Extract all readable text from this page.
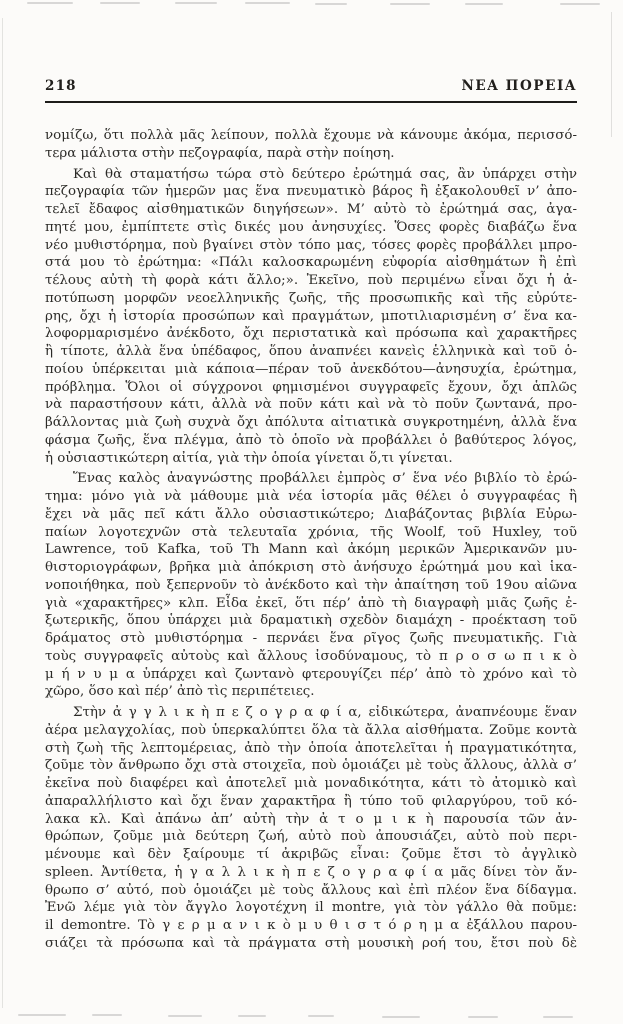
218	ΝΕΑ ΠΟΡΕΙΑ
νομίζω, ὅτι πολλὰ μᾶς λείπουν, πολλὰ ἔχουμε νὰ κάνουμε ἀκόμα, περισσό-
τερα μάλιστα στὴν πεζογραφία, παρὰ στὴν ποίηση.
Καὶ θὰ σταματήσω τώρα στὸ δεύτερο ἐρώτημά σας, ἂν ὑπάρχει στὴν
πεζογραφία τῶν ἡμερῶν μας ἕνα πνευματικὸ βάρος ἢ ἐξακολουθεῖ ν’ ἀπο-
τελεῖ ἔδαφος αἰσθηματικῶν διηγήσεων». Μ’ αὐτὸ τὸ ἐρώτημά σας, ἀγα-
πητέ μου, ἐμπίπτετε στὶς δικές μου ἀνησυχίες. Ὅσες φορὲς διαβάζω ἕνα
νέο μυθιστόρημα, ποὺ βγαίνει στὸν τόπο μας, τόσες φορὲς προβάλλει μπρο-
στά μου τὸ ἐρώτημα: «Πάλι καλοσκαρωμένη εὐφορία αἰσθημάτων ἢ ἐπὶ
τέλους αὐτὴ τὴ φορὰ κάτι ἄλλο;». Ἐκεῖνο, ποὺ περιμένω εἶναι ὄχι ἡ ἀ-
ποτύπωση μορφῶν νεοελληνικῆς ζωῆς, τῆς προσωπικῆς καὶ τῆς εὐρύτε-
ρης, ὄχι ἡ ἱστορία προσώπων καὶ πραγμάτων, μποτιλιαρισμένη σ’ ἕνα κα-
λοφορμαρισμένο ἀνέκδοτο, ὄχι περιστατικὰ καὶ πρόσωπα καὶ χαρακτῆρες
ἢ τίποτε, ἀλλὰ ἕνα ὑπέδαφος, ὅπου ἀναπνέει κανεὶς ἑλληνικὰ καὶ τοῦ ὁ-
ποίου ὑπέρκειται μιὰ κάποια—πέραν τοῦ ἀνεκδότου—ἀνησυχία, ἐρώτημα,
πρόβλημα. Ὅλοι οἱ σύγχρονοι φημισμένοι συγγραφεῖς ἔχουν, ὄχι ἁπλῶς
νὰ παραστήσουν κάτι, ἀλλὰ νὰ ποῦν κάτι καὶ νὰ τὸ ποῦν ζωντανά, προ-
βάλλοντας μιὰ ζωὴ συχνὰ ὄχι ἀπόλυτα αἰτιατικὰ συγκροτημένη, ἀλλὰ ἕνα
φάσμα ζωῆς, ἕνα πλέγμα, ἀπὸ τὸ ὁποῖο νὰ προβάλλει ὁ βαθύτερος λόγος,
ἡ οὐσιαστικώτερη αἰτία, γιὰ τὴν ὁποία γίνεται ὅ,τι γίνεται.
Ἕνας καλὸς ἀναγνώστης προβάλλει ἐμπρὸς σ’ ἕνα νέο βιβλίο τὸ ἐρώ-
τημα: μόνο γιὰ νὰ μάθουμε μιὰ νέα ἱστορία μᾶς θέλει ὁ συγγραφέας ἢ
ἔχει νὰ μᾶς πεῖ κάτι ἄλλο οὐσιαστικώτερο; Διαβάζοντας βιβλία Εὐρω-
παίων λογοτεχνῶν στὰ τελευταῖα χρόνια, τῆς Woolf, τοῦ Huxley, τοῦ
Lawrence, τοῦ Kafka, τοῦ Th Mann καὶ ἀκόμη μερικῶν Ἀμερικανῶν μυ-
θιστοριογράφων, βρῆκα μιὰ ἀπόκριση στὸ ἀνήσυχο ἐρώτημά μου καὶ ἱκα-
νοποιήθηκα, ποὺ ξεπερνοῦν τὸ ἀνέκδοτο καὶ τὴν ἀπαίτηση τοῦ 19ου αἰῶνα
γιὰ «χαρακτῆρες» κλπ. Εἶδα ἐκεῖ, ὅτι πέρ’ ἀπὸ τὴ διαγραφὴ μιᾶς ζωῆς ἐ-
ξωτερικῆς, ὅπου ὑπάρχει μιὰ δραματικὴ σχεδὸν διαμάχη - προέκταση τοῦ
δράματος στὸ μυθιστόρημα - περνάει ἕνα ρῖγος ζωῆς πνευματικῆς. Γιὰ
τοὺς συγγραφεῖς αὐτοὺς καὶ ἄλλους ἰσοδύναμους, τὸ π ρ ο σ ω π ι κ ὸ
μ ή ν υ μ α ὑπάρχει καὶ ζωντανὸ φτερουγίζει πέρ’ ἀπὸ τὸ χρόνο καὶ τὸ
χῶρο, ὅσο καὶ πέρ’ ἀπὸ τὶς περιπέτειες.
Στὴν ἀ γ γ λ ι κ ὴ π ε ζ ο γ ρ α φ ί α, εἰδικώτερα, ἀναπνέουμε ἕναν
ἀέρα μελαγχολίας, ποὺ ὑπερκαλύπτει ὅλα τὰ ἄλλα αἰσθήματα. Ζοῦμε κοντὰ
στὴ ζωὴ τῆς λεπτομέρειας, ἀπὸ τὴν ὁποία ἀποτελεῖται ἡ πραγματικότητα,
ζοῦμε τὸν ἄνθρωπο ὄχι στὰ στοιχεῖα, ποὺ ὁμοιάζει μὲ τοὺς ἄλλους, ἀλλὰ σ’
ἐκεῖνα ποὺ διαφέρει καὶ ἀποτελεῖ μιὰ μοναδικότητα, κάτι τὸ ἀτομικὸ καὶ
ἀπαραλλήλιστο καὶ ὄχι ἕναν χαρακτῆρα ἢ τύπο τοῦ φιλαργύρου, τοῦ κό-
λακα κλ. Καὶ ἀπάνω ἀπ’ αὐτὴ τὴν ἀ τ ο μ ι κ ὴ παρουσία τῶν ἀν-
θρώπων, ζοῦμε μιὰ δεύτερη ζωή, αὐτὸ ποὺ ἀπουσιάζει, αὐτὸ ποὺ περι-
μένουμε καὶ δὲν ξαίρουμε τί ἀκριβῶς εἶναι: ζοῦμε ἔτσι τὸ ἀγγλικὸ
spleen. Ἀντίθετα, ἡ γ α λ λ ι κ ὴ π ε ζ ο γ ρ α φ ί α μᾶς δίνει τὸν ἄν-
θρωπο σ’ αὐτό, ποὺ ὁμοιάζει μὲ τοὺς ἄλλους καὶ ἐπὶ πλέον ἕνα δίδαγμα.
Ἐνῶ λέμε γιὰ τὸν ἄγγλο λογοτέχνη il montre, γιὰ τὸν γάλλο θὰ ποῦμε:
il demontre. Τὸ γ ε ρ μ α ν ι κ ὸ μ υ θ ι σ τ ό ρ η μ α ἐξάλλου παρου-
σιάζει τὰ πρόσωπα καὶ τὰ πράγματα στὴ μουσικὴ ροή του, ἔτσι ποὺ δὲ
